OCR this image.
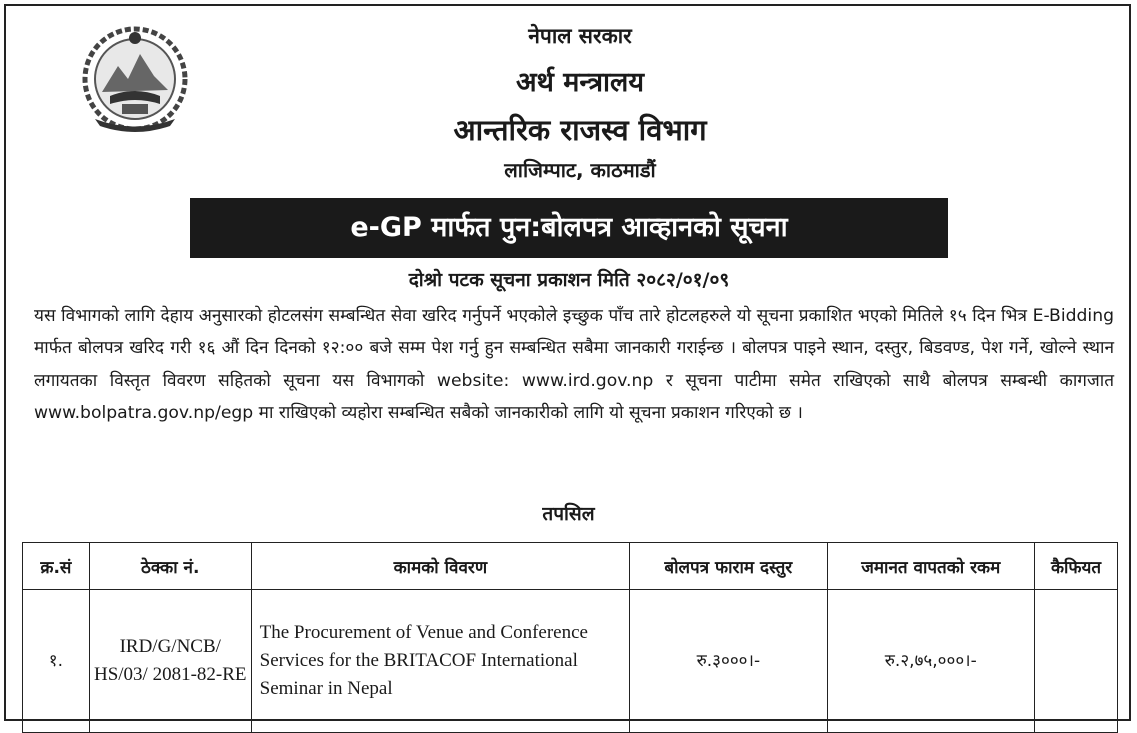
नेपाल सरकार
अर्थ मन्त्रालय
आन्तरिक राजस्व विभाग
लाजिम्पाट, काठमाडौं
e-GP मार्फत पुन:बोलपत्र आव्हानको सूचना
दोश्रो पटक सूचना प्रकाशन मिति २०८२/०१/०९
यस विभागको लागि देहाय अनुसारको होटलसंग सम्बन्धित सेवा खरिद गर्नुपर्ने भएकोले इच्छुक पाँच तारे होटलहरुले यो सूचना प्रकाशित भएको मितिले १५ दिन भित्र E-Bidding मार्फत बोलपत्र खरिद गरी १६ औं दिन दिनको १२:०० बजे सम्म पेश गर्नु हुन सम्बन्धित सबैमा जानकारी गराईन्छ । बोलपत्र पाइने स्थान, दस्तुर, बिडवण्ड, पेश गर्ने, खोल्ने स्थान लगायतका विस्तृत विवरण सहितको सूचना यस विभागको website: www.ird.gov.np र सूचना पाटीमा समेत राखिएको साथै बोलपत्र सम्बन्धी कागजात www.bolpatra.gov.np/egp मा राखिएको व्यहोरा सम्बन्धित सबैको जानकारीको लागि यो सूचना प्रकाशन गरिएको छ ।
तपसिल
क्र.सं	ठेक्का नं.	कामको विवरण	बोलपत्र फाराम दस्तुर	जमानत वापतको रकम	कैफियत
१.	IRD/G/NCB/ HS/03/ 2081-82-RE	The Procurement of Venue and Conference Services for the BRITACOF International Seminar in Nepal	रु.३०००।-	रु.२,७५,०००।-	
